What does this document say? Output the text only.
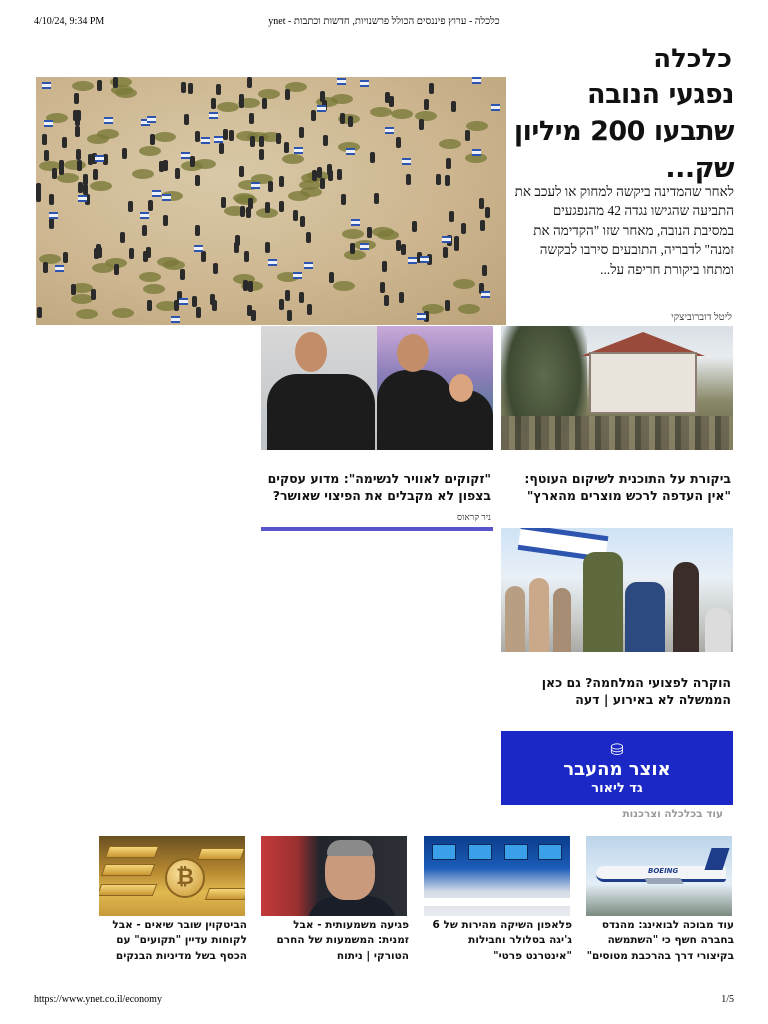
4/10/24, 9:34 PM	כלכלה - ערוץ פיננסים הכולל פרשנויות, חדשות וכתבות - ynet
כלכלה
נפגעי הנובה שתבעו 200 מיליון שק...

לאחר שהמדינה ביקשה למחוק או לעכב את התביעה שהגישו נגדה 42 מהנפגעים במסיבת הנובה, מאחר שזו "הקדימה את זמנה" לדבריה, התובעים סירבו לבקשה ומתחו ביקורת חריפה על...

ליטל דוברוביצקי
ביקורת על התוכנית לשיקום העוטף: "אין העדפה לרכש מוצרים מהארץ"
"זקוקים לאוויר לנשימה": מדוע עסקים בצפון לא מקבלים את הפיצוי שאושר?
ניר קראוס
הוקרה לפצועי המלחמה? גם כאן הממשלה לא באירוע | דעה
⛁
אוצר מהעבר
גד ליאור
עוד בכלכלה וצרכנות
BOEING
₿
עוד מבוכה לבואינג: מהנדס בחברה חשף כי "השתמשה בקיצורי דרך בהרכבת מטוסים"
פלאפון השיקה מהירות של 6 ג'יגה בסלולר וחבילות "אינטרנט פרטי"
פגיעה משמעותית - אבל זמנית: המשמעות של החרם הטורקי | ניתוח
הביטקוין שובר שיאים - אבל לקוחות עדיין "תקועים" עם הכסף בשל מדיניות הבנקים
https://www.ynet.co.il/economy	1/5
